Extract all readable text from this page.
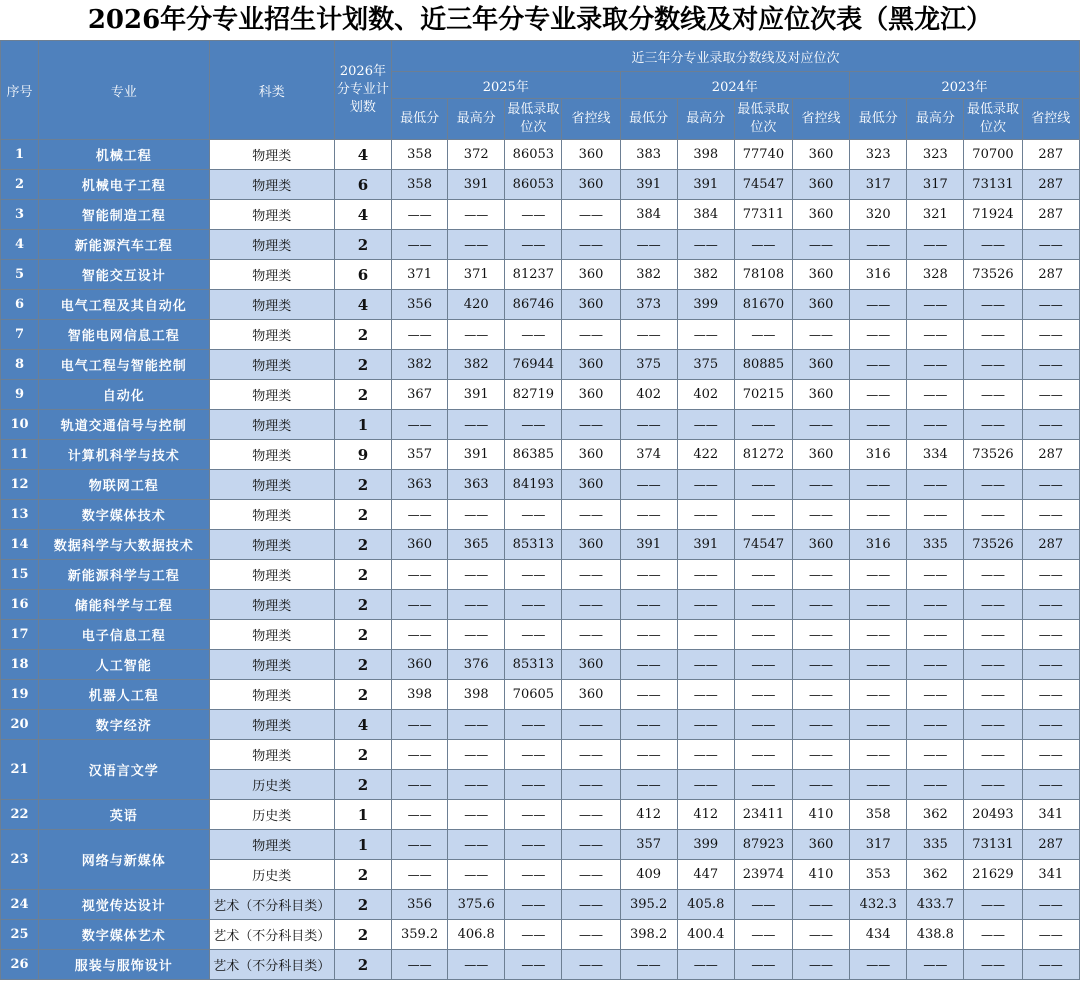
2026年分专业招生计划数、近三年分专业录取分数线及对应位次表（黑龙江）
序号	专业	科类	2026年分专业计划数	近三年分专业录取分数线及对应位次											
				2025年				2024年				2023年			
				最低分	最高分	最低录取位次	省控线	最低分	最高分	最低录取位次	省控线	最低分	最高分	最低录取位次	省控线
1	机械工程	物理类	4	358	372	86053	360	383	398	77740	360	323	323	70700	287
2	机械电子工程	物理类	6	358	391	86053	360	391	391	74547	360	317	317	73131	287
3	智能制造工程	物理类	4	——	——	——	——	384	384	77311	360	320	321	71924	287
4	新能源汽车工程	物理类	2	——	——	——	——	——	——	——	——	——	——	——	——
5	智能交互设计	物理类	6	371	371	81237	360	382	382	78108	360	316	328	73526	287
6	电气工程及其自动化	物理类	4	356	420	86746	360	373	399	81670	360	——	——	——	——
7	智能电网信息工程	物理类	2	——	——	——	——	——	——	——	——	——	——	——	——
8	电气工程与智能控制	物理类	2	382	382	76944	360	375	375	80885	360	——	——	——	——
9	自动化	物理类	2	367	391	82719	360	402	402	70215	360	——	——	——	——
10	轨道交通信号与控制	物理类	1	——	——	——	——	——	——	——	——	——	——	——	——
11	计算机科学与技术	物理类	9	357	391	86385	360	374	422	81272	360	316	334	73526	287
12	物联网工程	物理类	2	363	363	84193	360	——	——	——	——	——	——	——	——
13	数字媒体技术	物理类	2	——	——	——	——	——	——	——	——	——	——	——	——
14	数据科学与大数据技术	物理类	2	360	365	85313	360	391	391	74547	360	316	335	73526	287
15	新能源科学与工程	物理类	2	——	——	——	——	——	——	——	——	——	——	——	——
16	储能科学与工程	物理类	2	——	——	——	——	——	——	——	——	——	——	——	——
17	电子信息工程	物理类	2	——	——	——	——	——	——	——	——	——	——	——	——
18	人工智能	物理类	2	360	376	85313	360	——	——	——	——	——	——	——	——
19	机器人工程	物理类	2	398	398	70605	360	——	——	——	——	——	——	——	——
20	数字经济	物理类	4	——	——	——	——	——	——	——	——	——	——	——	——
21	汉语言文学	物理类	2	——	——	——	——	——	——	——	——	——	——	——	——
		历史类	2	——	——	——	——	——	——	——	——	——	——	——	——
22	英语	历史类	1	——	——	——	——	412	412	23411	410	358	362	20493	341
23	网络与新媒体	物理类	1	——	——	——	——	357	399	87923	360	317	335	73131	287
		历史类	2	——	——	——	——	409	447	23974	410	353	362	21629	341
24	视觉传达设计	艺术（不分科目类）	2	356	375.6	——	——	395.2	405.8	——	——	432.3	433.7	——	——
25	数字媒体艺术	艺术（不分科目类）	2	359.2	406.8	——	——	398.2	400.4	——	——	434	438.8	——	——
26	服装与服饰设计	艺术（不分科目类）	2	——	——	——	——	——	——	——	——	——	——	——	——
